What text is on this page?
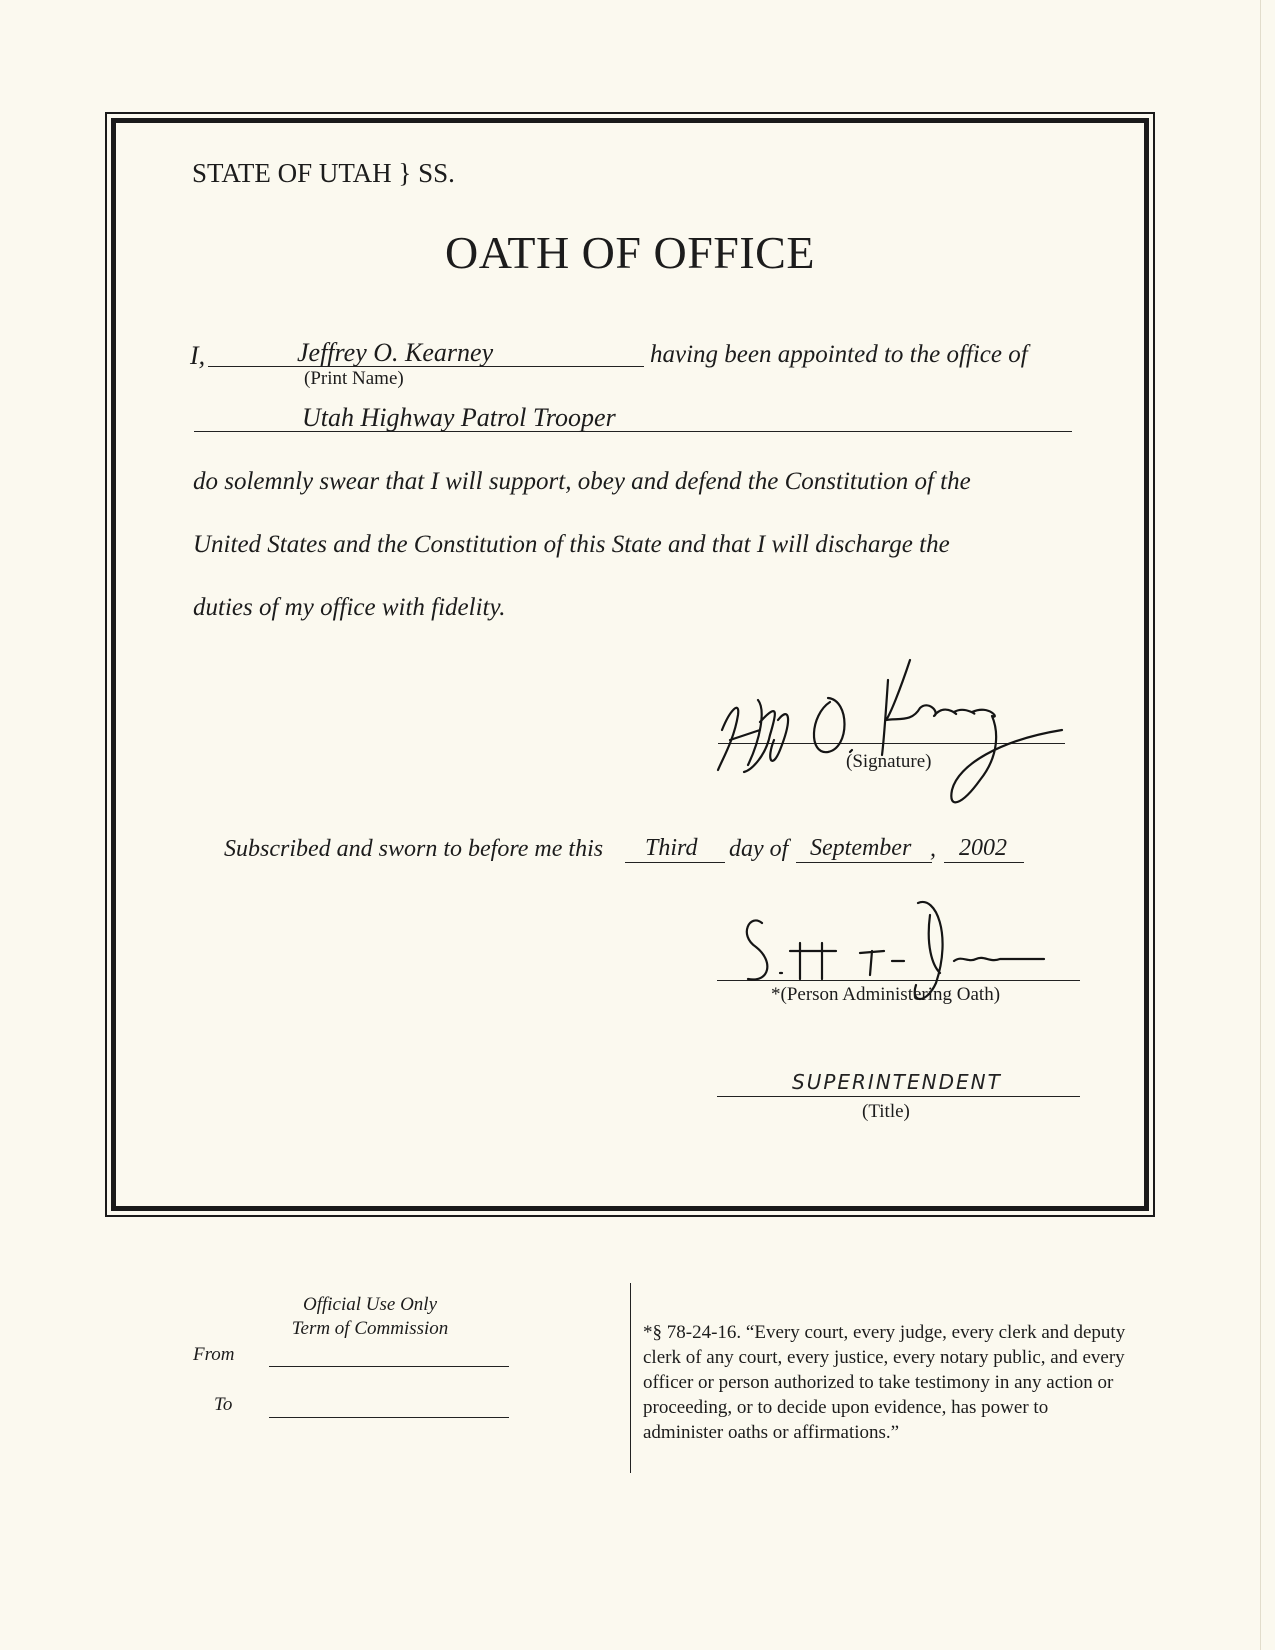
STATE OF UTAH } SS.
OATH OF OFFICE
I,	Jeffrey O. Kearney
(Print Name)
having been appointed to the office of
Utah Highway Patrol Trooper
do solemnly swear that I will support, obey and defend the Constitution of the
United States and the Constitution of this State and that I will discharge the
duties of my office with fidelity.
(Signature)
Subscribed and sworn to before me this Third day of September , 2002
*(Person Administering Oath)
SUPERINTENDENT
(Title)
Official Use Only
Term of Commission
From
To
*§ 78-24-16. “Every court, every judge, every clerk and deputy clerk of any court, every justice, every notary public, and every officer or person authorized to take testimony in any action or proceeding, or to decide upon evidence, has power to administer oaths or affirmations.”
